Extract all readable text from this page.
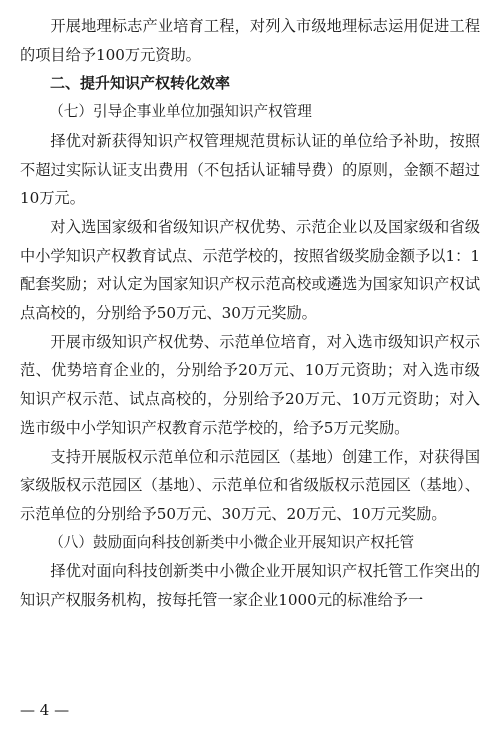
开展地理标志产业培育工程，对列入市级地理标志运用促进工程的项目给予100万元资助。

二、提升知识产权转化效率

（七）引导企事业单位加强知识产权管理

择优对新获得知识产权管理规范贯标认证的单位给予补助，按照不超过实际认证支出费用（不包括认证辅导费）的原则，金额不超过10万元。

对入选国家级和省级知识产权优势、示范企业以及国家级和省级中小学知识产权教育试点、示范学校的，按照省级奖励金额予以1：1配套奖励；对认定为国家知识产权示范高校或遴选为国家知识产权试点高校的，分别给予50万元、30万元奖励。

开展市级知识产权优势、示范单位培育，对入选市级知识产权示范、优势培育企业的，分别给予20万元、10万元资助；对入选市级知识产权示范、试点高校的，分别给予20万元、10万元资助；对入选市级中小学知识产权教育示范学校的，给予5万元奖励。

支持开展版权示范单位和示范园区（基地）创建工作，对获得国家级版权示范园区（基地）、示范单位和省级版权示范园区（基地）、示范单位的分别给予50万元、30万元、20万元、10万元奖励。

（八）鼓励面向科技创新类中小微企业开展知识产权托管

择优对面向科技创新类中小微企业开展知识产权托管工作突出的知识产权服务机构，按每托管一家企业1000元的标准给予一

— 4 —
